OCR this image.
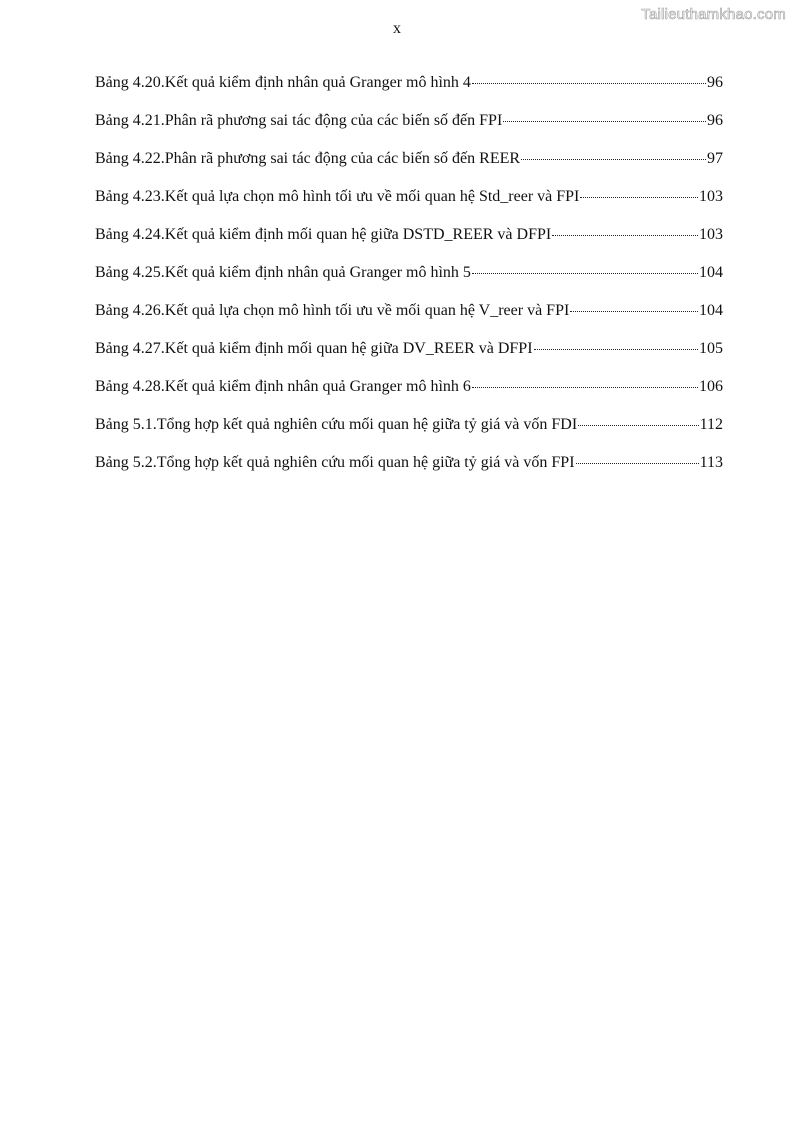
Tailieuthamkhao.com
x
Bảng 4.20. Kết quả kiểm định nhân quả Granger mô hình 4	96
Bảng 4.21. Phân rã phương sai tác động của các biến số đến FPI	96
Bảng 4.22. Phân rã phương sai tác động của các biến số đến REER	97
Bảng 4.23. Kết quả lựa chọn mô hình tối ưu về mối quan hệ Std_reer và FPI	103
Bảng 4.24. Kết quả kiểm định mối quan hệ giữa DSTD_REER và DFPI	103
Bảng 4.25. Kết quả kiểm định nhân quả Granger mô hình 5	104
Bảng 4.26. Kết quả lựa chọn mô hình tối ưu về mối quan hệ V_reer và FPI	104
Bảng 4.27. Kết quả kiểm định mối quan hệ giữa DV_REER và DFPI	105
Bảng 4.28. Kết quả kiểm định nhân quả Granger mô hình 6	106
Bảng 5.1. Tổng hợp kết quả nghiên cứu mối quan hệ giữa tỷ giá và vốn FDI	112
Bảng 5.2. Tổng hợp kết quả nghiên cứu mối quan hệ giữa tỷ giá và vốn FPI	113
